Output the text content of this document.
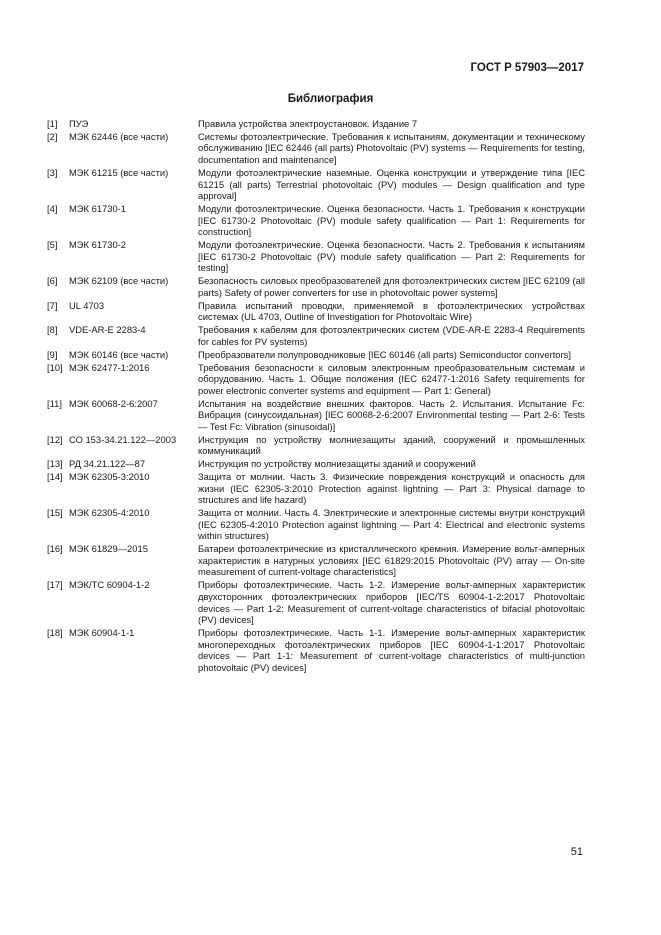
ГОСТ Р 57903—2017
Библиография
[1]	ПУЭ	Правила устройства электроустановок. Издание 7
[2]	МЭК 62446 (все части)	Системы фотоэлектрические. Требования к испытаниям, документации и техническому обслуживанию [IEC 62446 (all parts) Photovoltaic (PV) systems — Requirements for testing, documentation and maintenance]
[3]	МЭК 61215 (все части)	Модули фотоэлектрические наземные. Оценка конструкции и утверждение типа [IEC 61215 (all parts) Terrestrial photovoltaic (PV) modules — Design qualification and type approval]
[4]	МЭК 61730-1	Модули фотоэлектрические. Оценка безопасности. Часть 1. Требования к конструкции [IEC 61730-2 Photovoltaic (PV) module safety qualification — Part 1: Requirements for construction]
[5]	МЭК 61730-2	Модули фотоэлектрические. Оценка безопасности. Часть 2. Требования к испытаниям [IEC 61730-2 Photovoltaic (PV) module safety qualification — Part 2: Requirements for testing]
[6]	МЭК 62109 (все части)	Безопасность силовых преобразователей для фотоэлектрических систем [IEC 62109 (all parts) Safety of power converters for use in photovoltaic power systems]
[7]	UL 4703	Правила испытаний проводки, применяемой в фотоэлектрических устройствах системах (UL 4703, Outline of Investigation for Photovoltaic Wire)
[8]	VDE-AR-E 2283-4	Требования к кабелям для фотоэлектрических систем (VDE-AR-E 2283-4 Requirements for cables for PV systems)
[9]	МЭК 60146 (все части)	Преобразователи полупроводниковые [IEC 60146 (all parts) Semiconductor convertors]
[10] МЭК 62477-1:2016	Требования безопасности к силовым электронным преобразовательным системам и оборудованию. Часть 1. Общие положения (IEC 62477-1:2016 Safety requirements for power electronic converter systems and equipment — Part 1: General)
[11] МЭК 60068-2-6:2007	Испытания на воздействие внешних факторов. Часть 2. Испытания. Испытание Fc: Вибрация (синусоидальная) [IEC 60068-2-6:2007 Environmental testing — Part 2-6: Tests — Test Fc: Vibration (sinusoidal)]
[12] СО 153-34.21.122—2003	Инструкция по устройству молниезащиты зданий, сооружений и промышленных коммуникаций
[13] РД 34.21.122—87	Инструкция по устройству молниезащиты зданий и сооружений
[14] МЭК 62305-3:2010	Защита от молнии. Часть 3. Физические повреждения конструкций и опасность для жизни (IEC 62305-3:2010 Protection against lightning — Part 3: Physical damage to structures and life hazard)
[15] МЭК 62305-4:2010	Защита от молнии. Часть 4. Электрические и электронные системы внутри конструкций (IEC 62305-4:2010 Protection against lightning — Part 4: Electrical and electronic systems within structures)
[16] МЭК 61829—2015	Батареи фотоэлектрические из кристаллического кремния. Измерение вольт-амперных характеристик в натурных условиях [IEC 61829:2015 Photovoltaic (PV) array — On-site measurement of current-voltage characteristics]
[17] МЭК/ТС 60904-1-2	Приборы фотоэлектрические. Часть 1-2. Измерение вольт-амперных характеристик двухсторонних фотоэлектрических приборов [IEC/TS 60904-1-2:2017 Photovoltaic devices — Part 1-2: Measurement of current-voltage characteristics of bifacial photovoltaic (PV) devices]
[18] МЭК 60904-1-1	Приборы фотоэлектрические. Часть 1-1. Измерение вольт-амперных характеристик многопереходных фотоэлектрических приборов [IEC 60904-1-1:2017 Photovoltaic devices — Part 1-1: Measurement of current-voltage characteristics of multi-junction photovoltaic (PV) devices]
51
